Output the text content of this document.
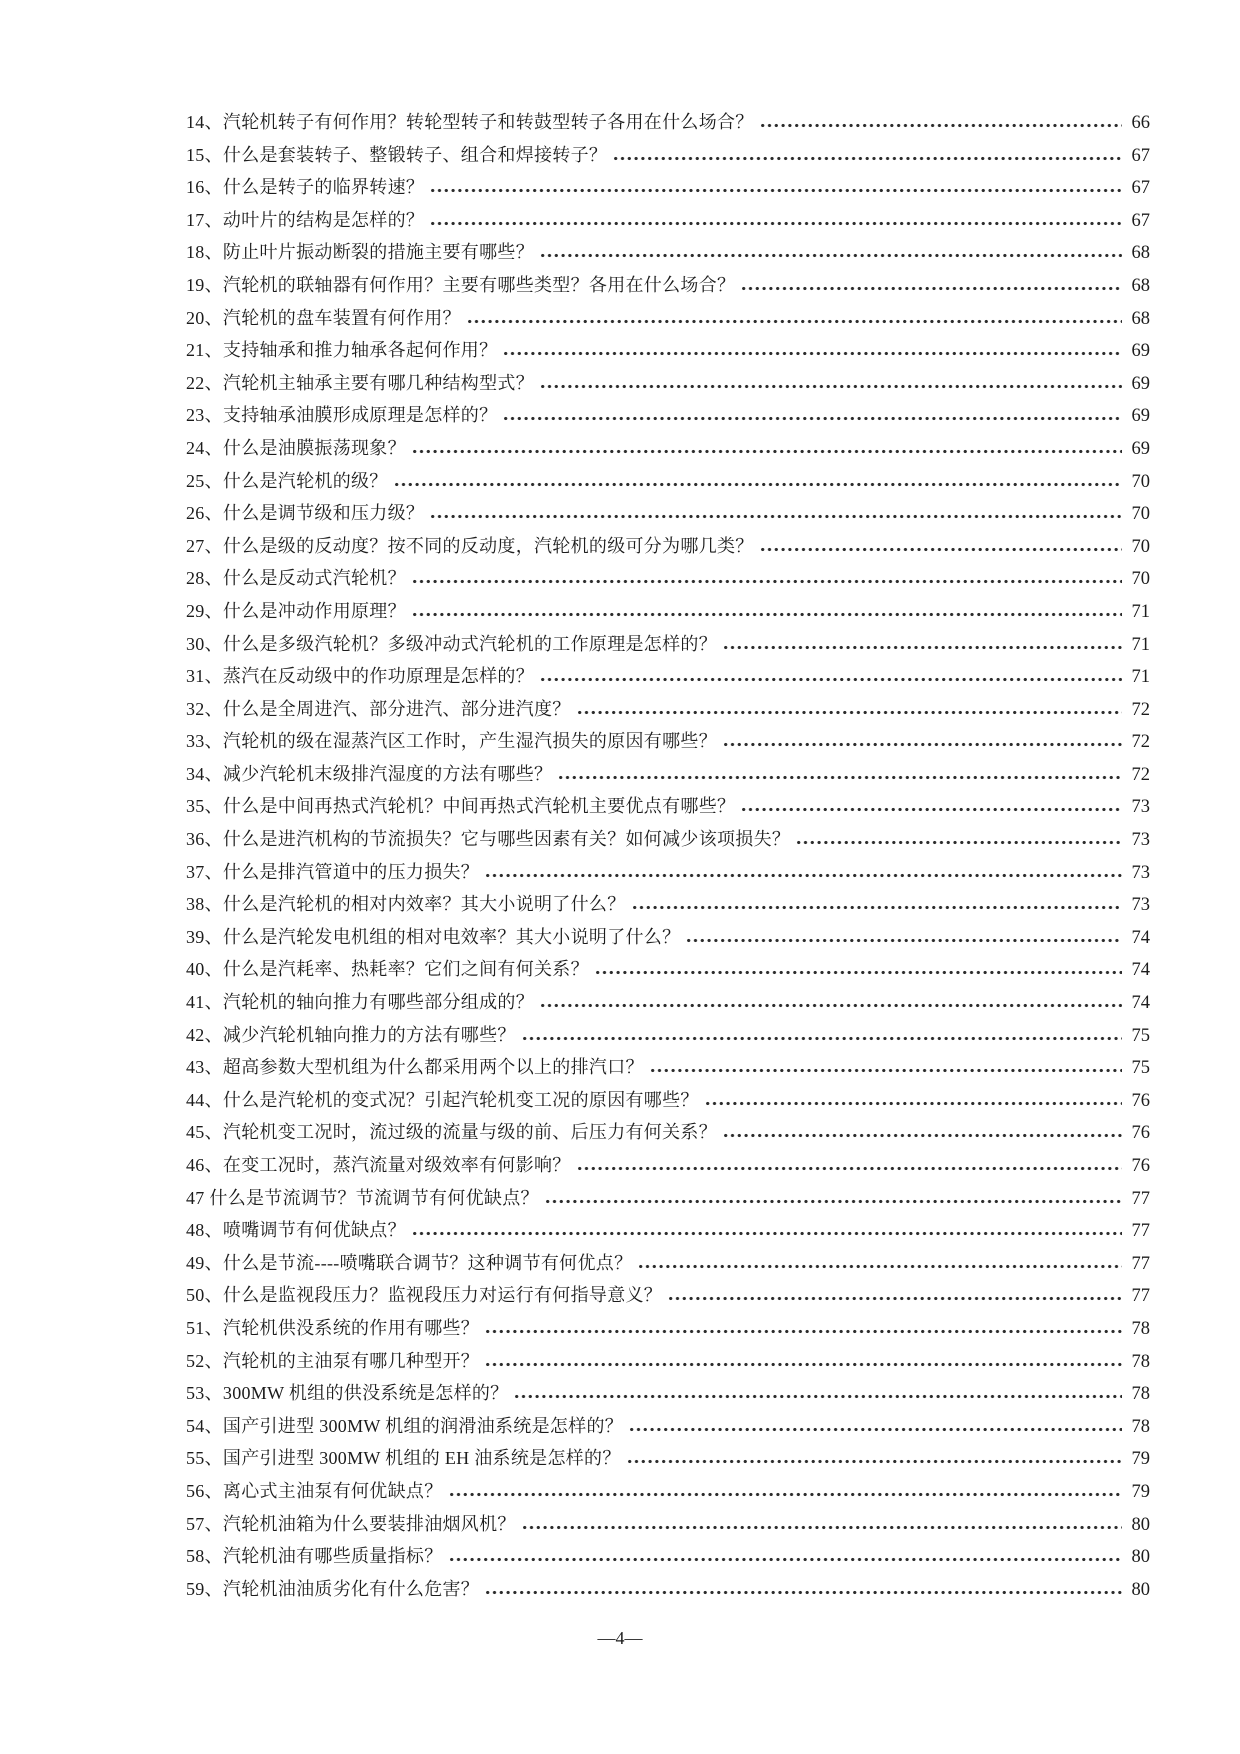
14、汽轮机转子有何作用？转轮型转子和转鼓型转子各用在什么场合？	66
15、什么是套装转子、整锻转子、组合和焊接转子？	67
16、什么是转子的临界转速？	67
17、动叶片的结构是怎样的？	67
18、防止叶片振动断裂的措施主要有哪些？	68
19、汽轮机的联轴器有何作用？主要有哪些类型？各用在什么场合？	68
20、汽轮机的盘车装置有何作用？	68
21、支持轴承和推力轴承各起何作用？	69
22、汽轮机主轴承主要有哪几种结构型式？	69
23、支持轴承油膜形成原理是怎样的？	69
24、什么是油膜振荡现象？	69
25、什么是汽轮机的级？	70
26、什么是调节级和压力级？	70
27、什么是级的反动度？按不同的反动度，汽轮机的级可分为哪几类？	70
28、什么是反动式汽轮机？	70
29、什么是冲动作用原理？	71
30、什么是多级汽轮机？多级冲动式汽轮机的工作原理是怎样的？	71
31、蒸汽在反动级中的作功原理是怎样的？	71
32、什么是全周进汽、部分进汽、部分进汽度？	72
33、汽轮机的级在湿蒸汽区工作时，产生湿汽损失的原因有哪些？	72
34、减少汽轮机末级排汽湿度的方法有哪些？	72
35、什么是中间再热式汽轮机？中间再热式汽轮机主要优点有哪些？	73
36、什么是进汽机构的节流损失？它与哪些因素有关？如何减少该项损失？	73
37、什么是排汽管道中的压力损失？	73
38、什么是汽轮机的相对内效率？其大小说明了什么？	73
39、什么是汽轮发电机组的相对电效率？其大小说明了什么？	74
40、什么是汽耗率、热耗率？它们之间有何关系？	74
41、汽轮机的轴向推力有哪些部分组成的？	74
42、减少汽轮机轴向推力的方法有哪些？	75
43、超高参数大型机组为什么都采用两个以上的排汽口？	75
44、什么是汽轮机的变式况？引起汽轮机变工况的原因有哪些？	76
45、汽轮机变工况时，流过级的流量与级的前、后压力有何关系？	76
46、在变工况时，蒸汽流量对级效率有何影响？	76
47 什么是节流调节？节流调节有何优缺点？	77
48、喷嘴调节有何优缺点？	77
49、什么是节流----喷嘴联合调节？这种调节有何优点？	77
50、什么是监视段压力？监视段压力对运行有何指导意义？	77
51、汽轮机供没系统的作用有哪些？	78
52、汽轮机的主油泵有哪几种型开？	78
53、300MW 机组的供没系统是怎样的？	78
54、国产引进型 300MW 机组的润滑油系统是怎样的？	78
55、国产引进型 300MW 机组的 EH 油系统是怎样的？	79
56、离心式主油泵有何优缺点？	79
57、汽轮机油箱为什么要装排油烟风机？	80
58、汽轮机油有哪些质量指标？	80
59、汽轮机油油质劣化有什么危害？	80
—4—
